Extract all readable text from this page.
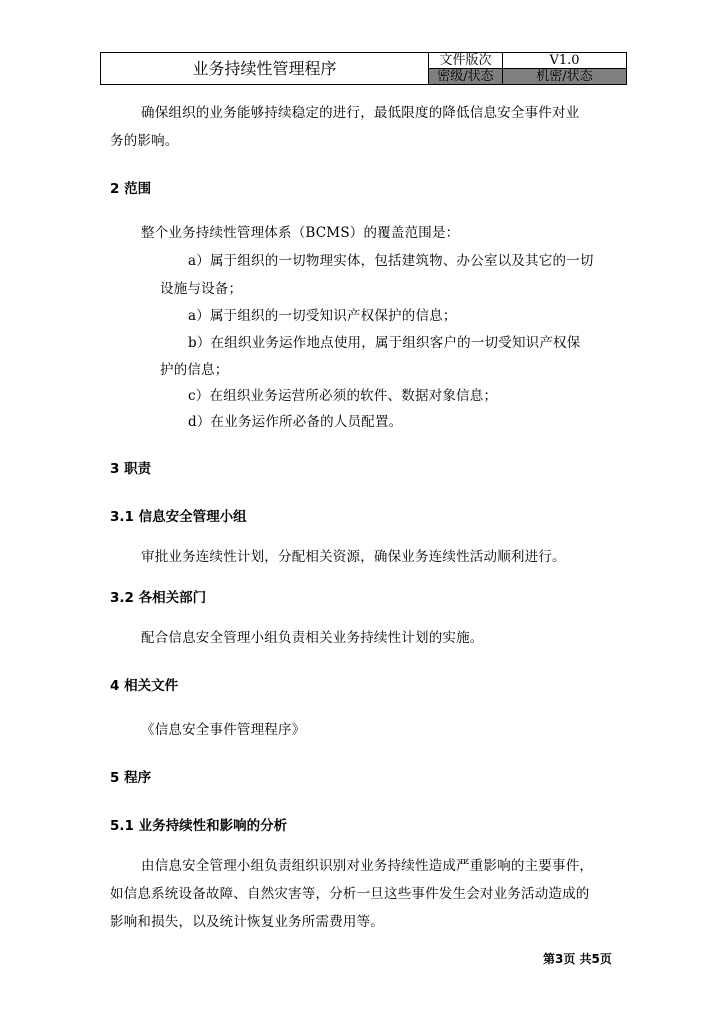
业务持续性管理程序	文件版次	V1.0
	密级/状态	机密/状态
确保组织的业务能够持续稳定的进行，最低限度的降低信息安全事件对业
务的影响。
2 范围
整个业务持续性管理体系（BCMS）的覆盖范围是：
a）属于组织的一切物理实体，包括建筑物、办公室以及其它的一切
设施与设备；
a）属于组织的一切受知识产权保护的信息；
b）在组织业务运作地点使用，属于组织客户的一切受知识产权保
护的信息；
c）在组织业务运营所必须的软件、数据对象信息；
d）在业务运作所必备的人员配置。
3 职责
3.1 信息安全管理小组
审批业务连续性计划，分配相关资源，确保业务连续性活动顺利进行。
3.2 各相关部门
配合信息安全管理小组负责相关业务持续性计划的实施。
4 相关文件
《信息安全事件管理程序》
5 程序
5.1 业务持续性和影响的分析
由信息安全管理小组负责组织识别对业务持续性造成严重影响的主要事件，
如信息系统设备故障、自然灾害等，分析一旦这些事件发生会对业务活动造成的
影响和损失，以及统计恢复业务所需费用等。
第3页 共5页
